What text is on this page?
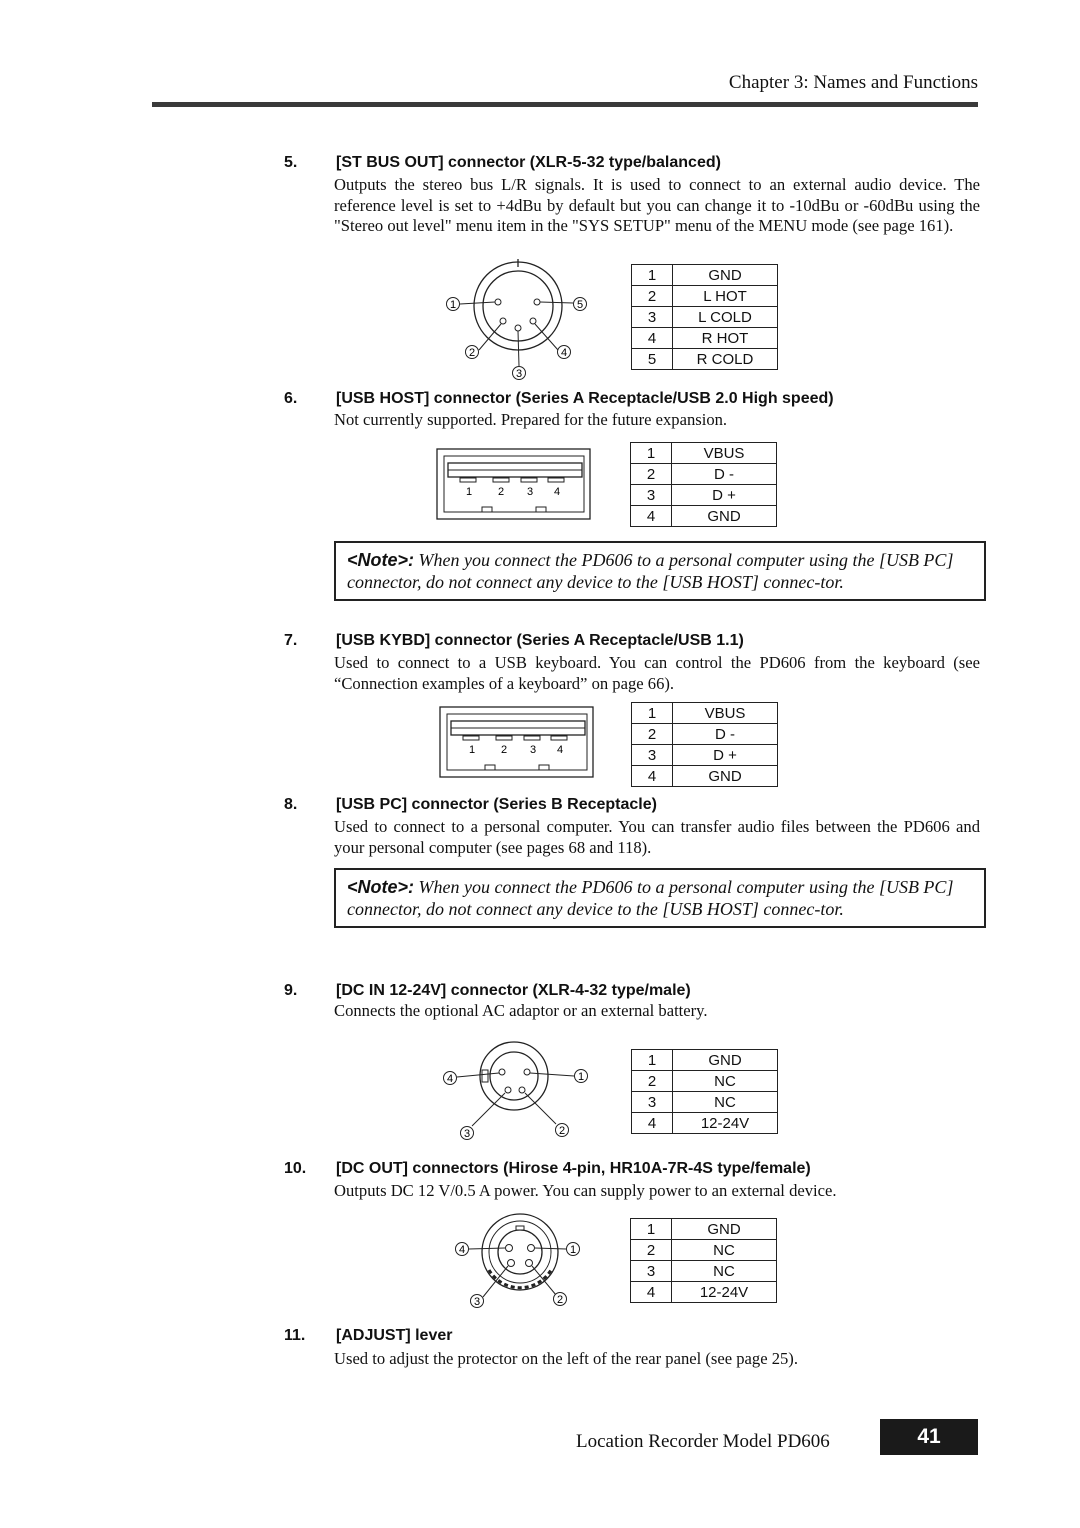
Chapter 3: Names and Functions
5. [ST BUS OUT] connector (XLR-5-32 type/balanced)
Outputs the stereo bus L/R signals. It is used to connect to an external audio device. The reference level is set to +4dBu by default but you can change it to -10dBu or -60dBu using the "Stereo out level" menu item in the "SYS SETUP" menu of the MENU mode (see page 161).
1	5
2	4
3
1	GND
2	L HOT
3	L COLD
4	R HOT
5	R COLD
6. [USB HOST] connector (Series A Receptacle/USB 2.0 High speed)
Not currently supported. Prepared for the future expansion.
1 2 3 4
1	VBUS
2	D -
3	D +
4	GND
<Note>: When you connect the PD606 to a personal computer using the [USB PC] connector, do not connect any device to the [USB HOST] connec-tor.
7. [USB KYBD] connector (Series A Receptacle/USB 1.1)
Used to connect to a USB keyboard. You can control the PD606 from the keyboard (see “Connection examples of a keyboard” on page 66).
1 2 3 4
1	VBUS
2	D -
3	D +
4	GND
8. [USB PC] connector (Series B Receptacle)
Used to connect to a personal computer. You can transfer audio files between the PD606 and your personal computer (see pages 68 and 118).
<Note>: When you connect the PD606 to a personal computer using the [USB PC] connector, do not connect any device to the [USB HOST] connec-tor.
9. [DC IN 12-24V] connector (XLR-4-32 type/male)
Connects the optional AC adaptor or an external battery.
4	1
3	2
1	GND
2	NC
3	NC
4	12-24V
10. [DC OUT] connectors (Hirose 4-pin, HR10A-7R-4S type/female)
Outputs DC 12 V/0.5 A power. You can supply power to an external device.
4	1
3	2
1	GND
2	NC
3	NC
4	12-24V
11. [ADJUST] lever
Used to adjust the protector on the left of the rear panel (see page 25).
Location Recorder Model PD606	41
